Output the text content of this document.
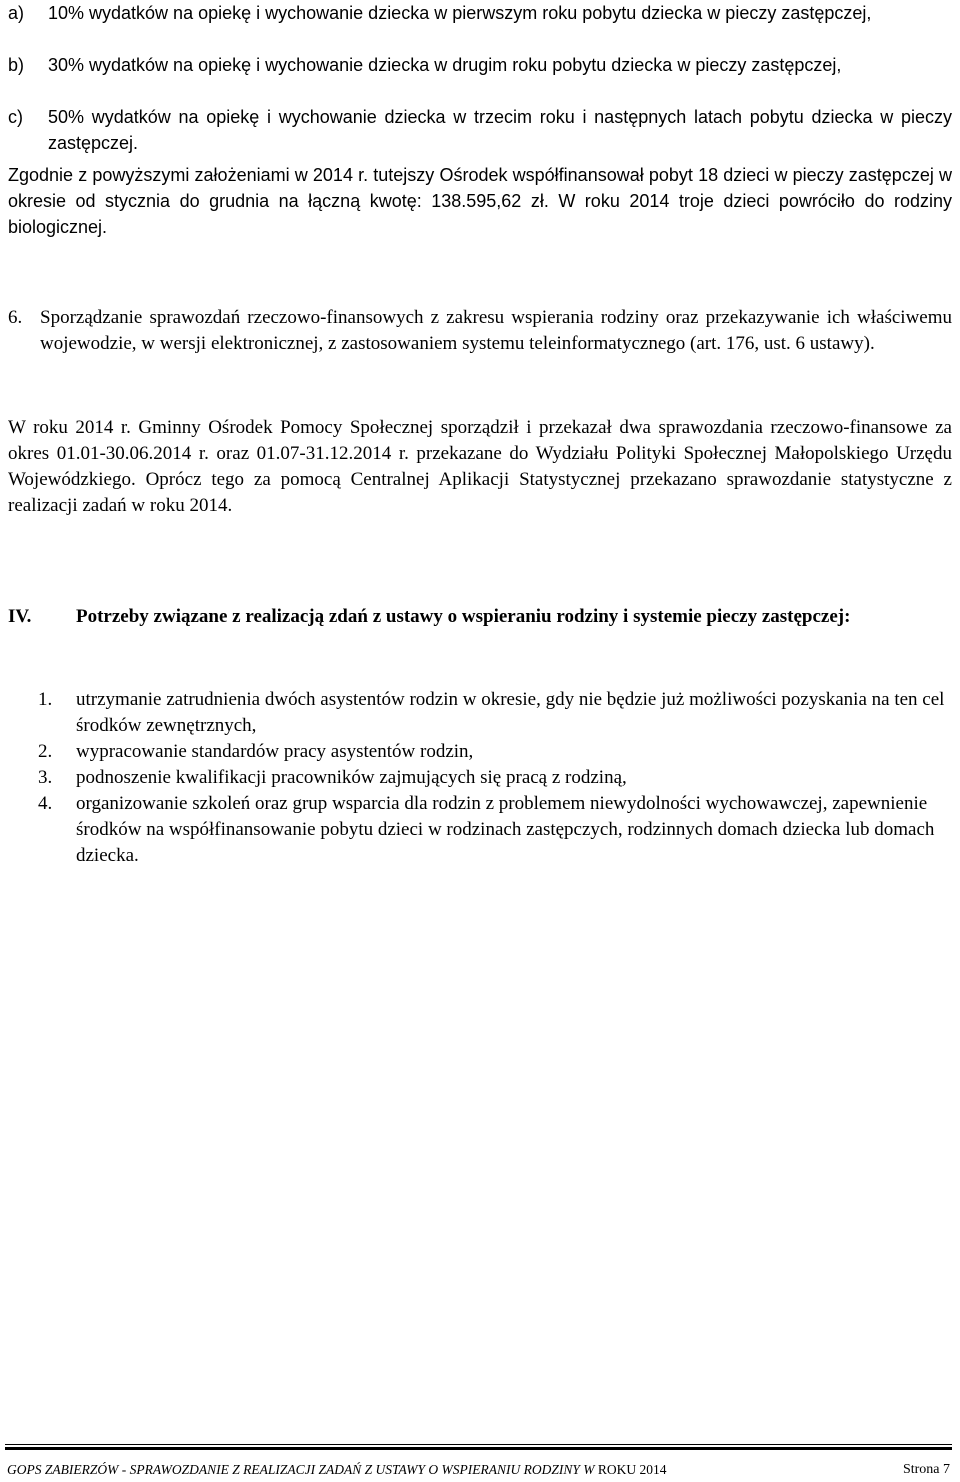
a) 10% wydatków na opiekę i wychowanie dziecka w pierwszym roku pobytu dziecka w pieczy zastępczej,
b) 30% wydatków na opiekę i wychowanie dziecka w drugim roku pobytu dziecka w pieczy zastępczej,
c) 50% wydatków na opiekę i wychowanie dziecka w trzecim roku i następnych latach pobytu dziecka w pieczy zastępczej.
Zgodnie z powyższymi założeniami w 2014 r. tutejszy Ośrodek współfinansował pobyt 18 dzieci w pieczy zastępczej w okresie od stycznia do grudnia na łączną kwotę: 138.595,62 zł. W roku 2014 troje dzieci powróciło do rodziny biologicznej.
6. Sporządzanie sprawozdań rzeczowo-finansowych z zakresu wspierania rodziny oraz przekazywanie ich właściwemu wojewodzie, w wersji elektronicznej, z zastosowaniem systemu teleinformatycznego (art. 176, ust. 6 ustawy).
W roku 2014 r. Gminny Ośrodek Pomocy Społecznej sporządził i przekazał dwa sprawozdania rzeczowo-finansowe za okres 01.01-30.06.2014 r. oraz 01.07-31.12.2014 r. przekazane do Wydziału Polityki Społecznej Małopolskiego Urzędu Wojewódzkiego. Oprócz tego za pomocą Centralnej Aplikacji Statystycznej przekazano sprawozdanie statystyczne z realizacji zadań w roku 2014.
IV. Potrzeby związane z realizacją zdań z ustawy o wspieraniu rodziny i systemie pieczy zastępczej:
1. utrzymanie zatrudnienia dwóch asystentów rodzin w okresie, gdy nie będzie już możliwości pozyskania na ten cel środków zewnętrznych,
2. wypracowanie standardów pracy asystentów rodzin,
3. podnoszenie kwalifikacji pracowników zajmujących się pracą z rodziną,
4. organizowanie szkoleń oraz grup wsparcia dla rodzin z problemem niewydolności wychowawczej, zapewnienie środków na współfinansowanie pobytu dzieci w rodzinach zastępczych, rodzinnych domach dziecka lub domach dziecka.
GOPS ZABIERZÓW - SPRAWOZDANIE Z REALIZACJI ZADAŃ Z USTAWY O WSPIERANIU RODZINY W ROKU 2014	Strona 7
